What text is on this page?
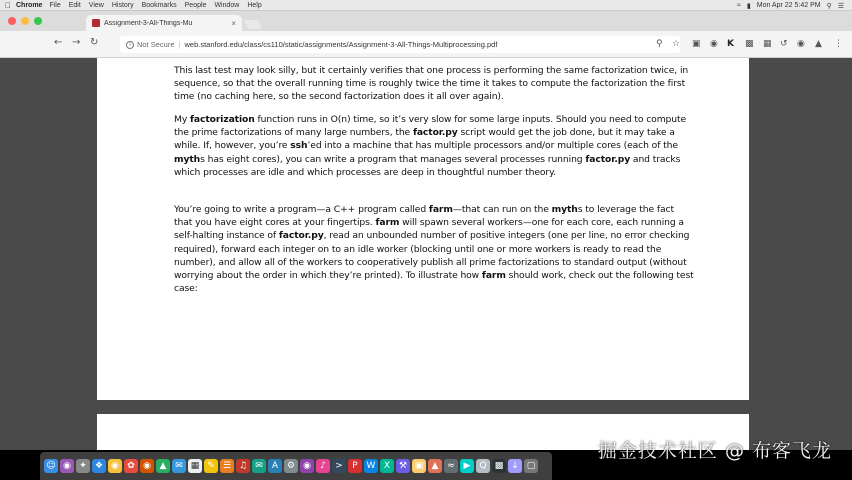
Chrome File Edit View History Bookmarks People Window Help	≈ ▮ Mon Apr 22 5:42 PM ⚲ ☰
Assignment-3-All-Things-Mu	×
← → ↻	i Not Secure | web.stanford.edu/class/cs110/static/assignments/Assignment-3-All-Things-Multiprocessing.pdf	⚲ ☆ ▣ ◉ K ▩ ▦ ↺ ◉ ▲ ⋮

This last test may look silly, but it certainly verifies that one process is performing the same factorization twice, in sequence, so that the overall running time is roughly twice the time it takes to compute the factorization the first time (no caching here, so the second factorization does it all over again).

My factorization function runs in O(n) time, so it’s very slow for some large inputs. Should you need to compute the prime factorizations of many large numbers, the factor.py script would get the job done, but it may take a while. If, however, you’re ssh’ed into a machine that has multiple processors and/or multiple cores (each of the myths has eight cores), you can write a program that manages several processes running factor.py and tracks which processes are idle and which processes are deep in thoughtful number theory.

You’re going to write a program—a C++ program called farm—that can run on the myths to leverage the fact that you have eight cores at your fingertips. farm will spawn several workers—one for each core, each running a self-halting instance of factor.py, read an unbounded number of positive integers (one per line, no error checking required), forward each integer on to an idle worker (blocking until one or more workers is ready to read the number), and allow all of the workers to cooperatively publish all prime factorizations to standard output (without worrying about the order in which they’re printed). To illustrate how farm should work, check out the following test case:

☺ ◉ ✦ ❖ ◉ ✿ ◉ ▲ ✉ ▦ ✎ ☰ ♫ ✉	A ⚙ ◉	♪	>	P W X ⚒ ▣ ▲ ≈ ▶	Q ▩ ↓ ▢
掘金技术社区 @ 布客飞龙
